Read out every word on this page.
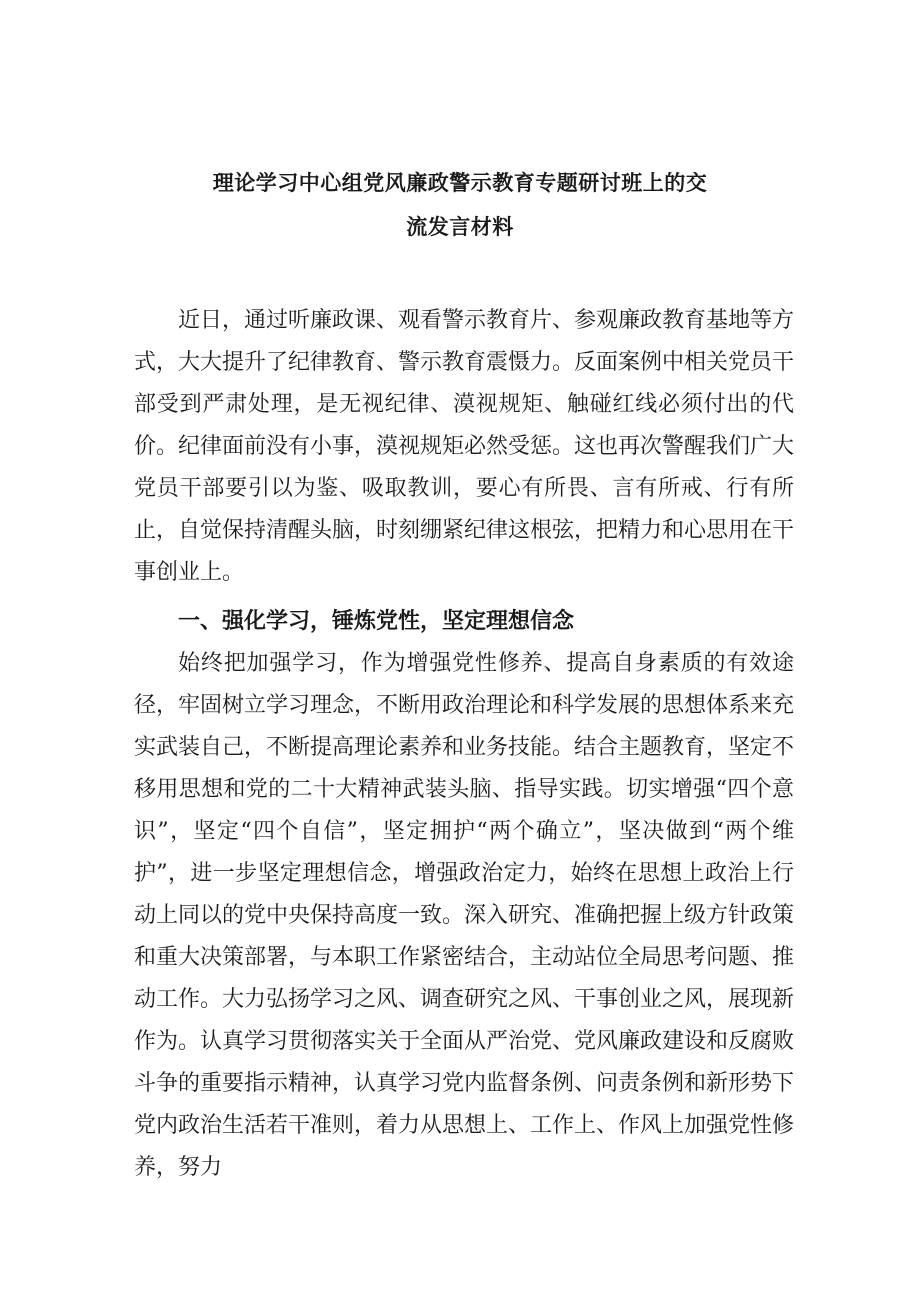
理论学习中心组党风廉政警示教育专题研讨班上的交
流发言材料

近日，通过听廉政课、观看警示教育片、参观廉政教育基地等方式，大大提升了纪律教育、警示教育震慑力。反面案例中相关党员干部受到严肃处理，是无视纪律、漠视规矩、触碰红线必须付出的代价。纪律面前没有小事，漠视规矩必然受惩。这也再次警醒我们广大党员干部要引以为鉴、吸取教训，要心有所畏、言有所戒、行有所止，自觉保持清醒头脑，时刻绷紧纪律这根弦，把精力和心思用在干事创业上。

一、强化学习，锤炼党性，坚定理想信念

始终把加强学习，作为增强党性修养、提高自身素质的有效途径，牢固树立学习理念，不断用政治理论和科学发展的思想体系来充实武装自己，不断提高理论素养和业务技能。结合主题教育，坚定不移用思想和党的二十大精神武装头脑、指导实践。切实增强“四个意识”，坚定“四个自信”，坚定拥护“两个确立”，坚决做到“两个维护”，进一步坚定理想信念，增强政治定力，始终在思想上政治上行动上同以的党中央保持高度一致。深入研究、准确把握上级方针政策和重大决策部署，与本职工作紧密结合，主动站位全局思考问题、推动工作。大力弘扬学习之风、调查研究之风、干事创业之风，展现新作为。认真学习贯彻落实关于全面从严治党、党风廉政建设和反腐败斗争的重要指示精神，认真学习党内监督条例、问责条例和新形势下党内政治生活若干准则，着力从思想上、工作上、作风上加强党性修养，努力
